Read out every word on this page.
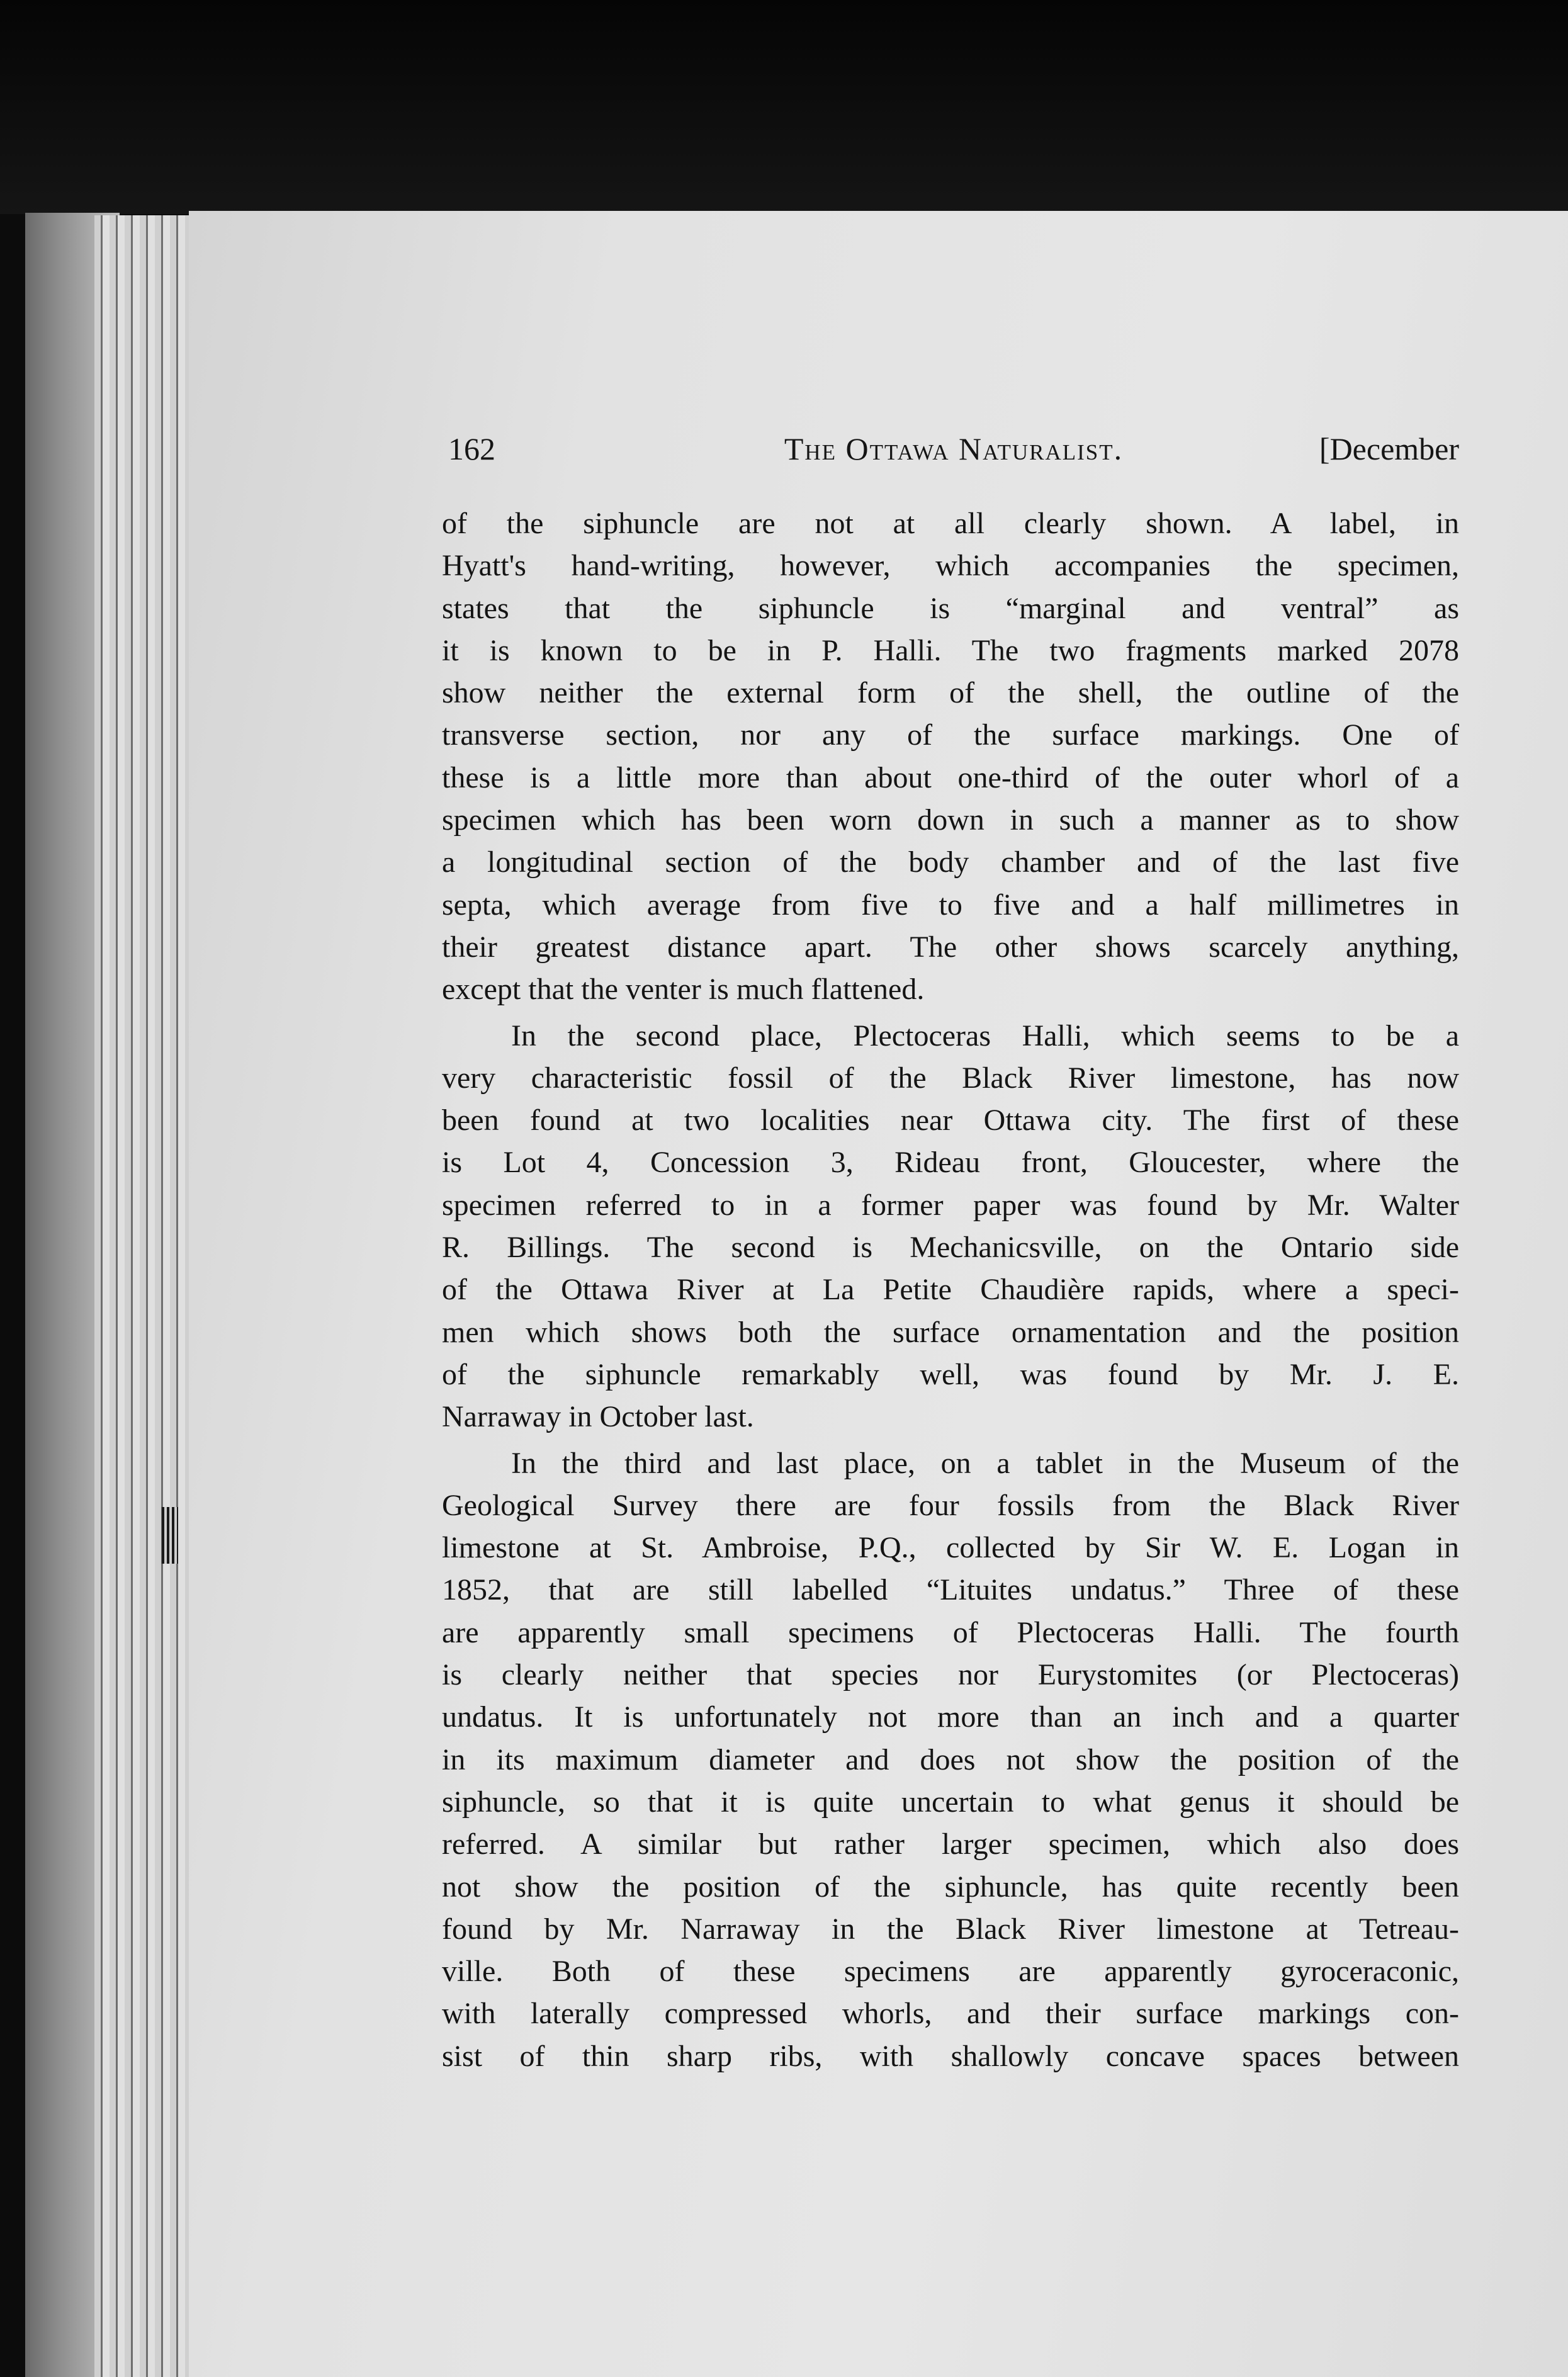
162	The Ottawa Naturalist.	[December
of the siphuncle are not at all clearly shown. A label, in
Hyatt's hand-writing, however, which accompanies the specimen,
states that the siphuncle is “marginal and ventral” as
it is known to be in P. Halli. The two fragments marked 2078
show neither the external form of the shell, the outline of the
transverse section, nor any of the surface markings. One of
these is a little more than about one-third of the outer whorl of a
specimen which has been worn down in such a manner as to show
a longitudinal section of the body chamber and of the last five
septa, which average from five to five and a half millimetres in
their greatest distance apart. The other shows scarcely anything,
except that the venter is much flattened.
In the second place, Plectoceras Halli, which seems to be a
very characteristic fossil of the Black River limestone, has now
been found at two localities near Ottawa city. The first of these
is Lot 4, Concession 3, Rideau front, Gloucester, where the
specimen referred to in a former paper was found by Mr. Walter
R. Billings. The second is Mechanicsville, on the Ontario side
of the Ottawa River at La Petite Chaudière rapids, where a speci-
men which shows both the surface ornamentation and the position
of the siphuncle remarkably well, was found by Mr. J. E.
Narraway in October last.
In the third and last place, on a tablet in the Museum of the
Geological Survey there are four fossils from the Black River
limestone at St. Ambroise, P.Q., collected by Sir W. E. Logan in
1852, that are still labelled “Lituites undatus.” Three of these
are apparently small specimens of Plectoceras Halli. The fourth
is clearly neither that species nor Eurystomites (or Plectoceras)
undatus. It is unfortunately not more than an inch and a quarter
in its maximum diameter and does not show the position of the
siphuncle, so that it is quite uncertain to what genus it should be
referred. A similar but rather larger specimen, which also does
not show the position of the siphuncle, has quite recently been
found by Mr. Narraway in the Black River limestone at Tetreau-
ville. Both of these specimens are apparently gyroceraconic,
with laterally compressed whorls, and their surface markings con-
sist of thin sharp ribs, with shallowly concave spaces between
